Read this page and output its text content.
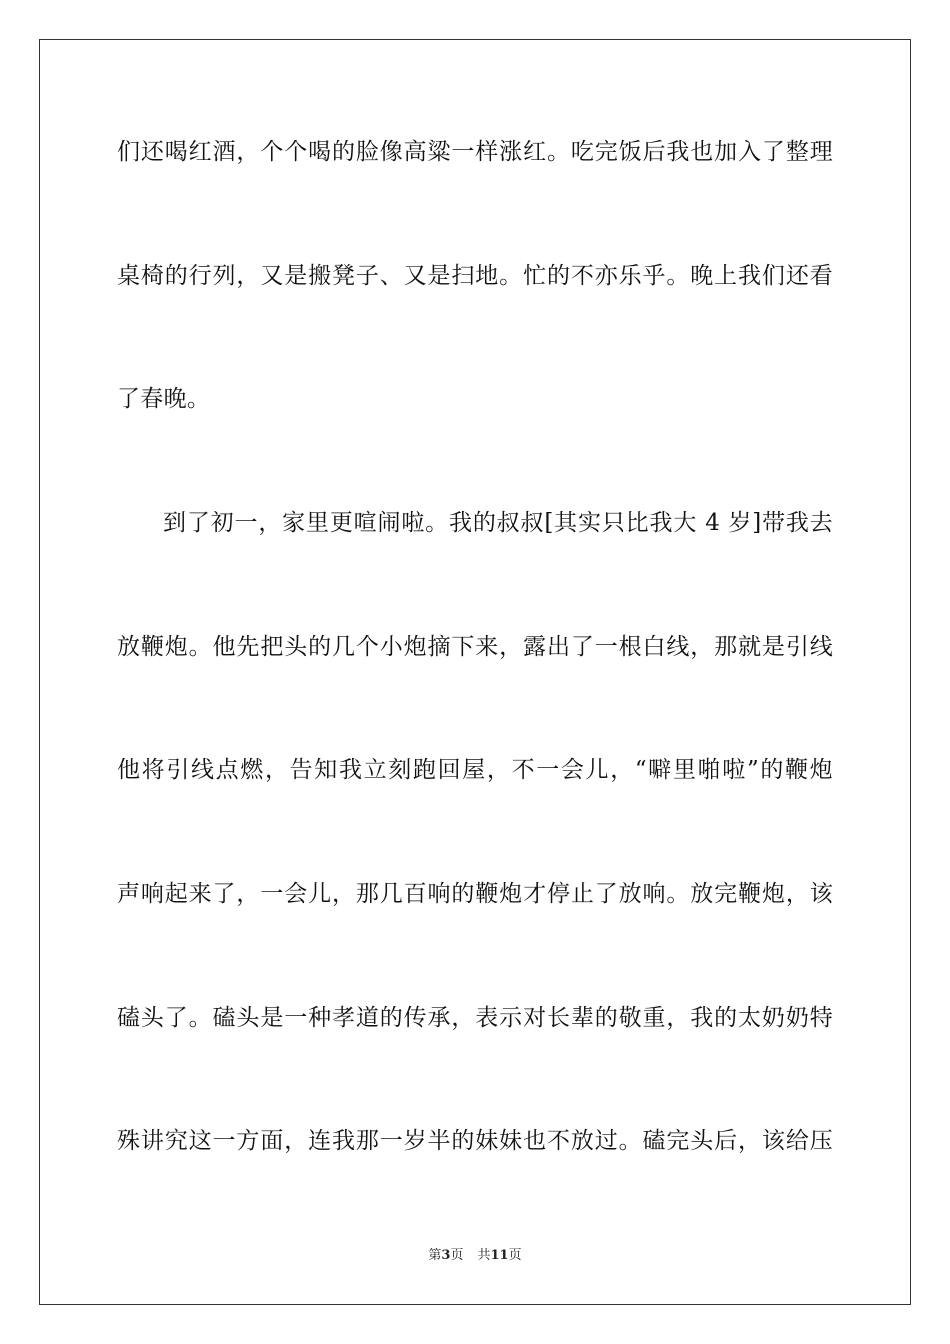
们还喝红酒，个个喝的脸像高粱一样涨红。吃完饭后我也加入了整理
桌椅的行列，又是搬凳子、又是扫地。忙的不亦乐乎。晚上我们还看
了春晚。
到了初一，家里更喧闹啦。我的叔叔[其实只比我大 4 岁]带我去
放鞭炮。他先把头的几个小炮摘下来，露出了一根白线，那就是引线
他将引线点燃，告知我立刻跑回屋，不一会儿，“噼里啪啦”的鞭炮
声响起来了，一会儿，那几百响的鞭炮才停止了放响。放完鞭炮，该
磕头了。磕头是一种孝道的传承，表示对长辈的敬重，我的太奶奶特
殊讲究这一方面，连我那一岁半的妹妹也不放过。磕完头后，该给压
第3页 共11页
